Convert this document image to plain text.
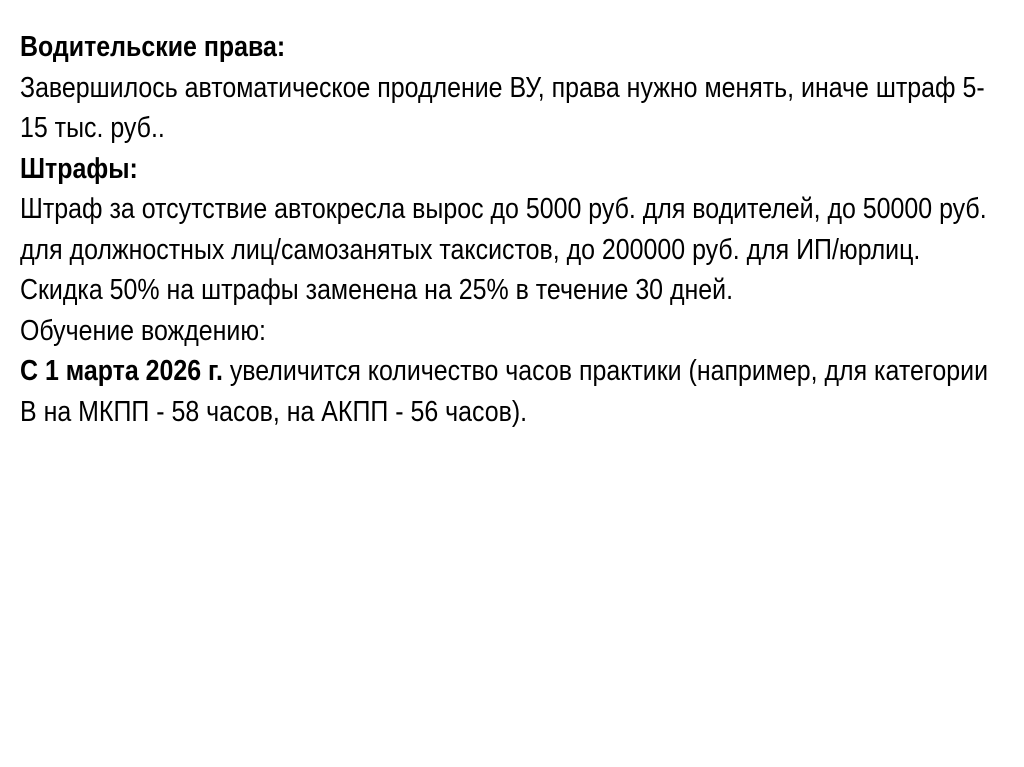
Водительские права:

Завершилось автоматическое продление ВУ, права нужно менять, иначе штраф 5-15 тыс. руб..

Штрафы:

Штраф за отсутствие автокресла вырос до 5000 руб. для водителей, до 50000 руб. для должностных лиц/самозанятых таксистов, до 200000 руб. для ИП/юрлиц.

Скидка 50% на штрафы заменена на 25% в течение 30 дней.

Обучение вождению:

С 1 марта 2026 г. увеличится количество часов практики (например, для категории B на МКПП - 58 часов, на АКПП - 56 часов).
